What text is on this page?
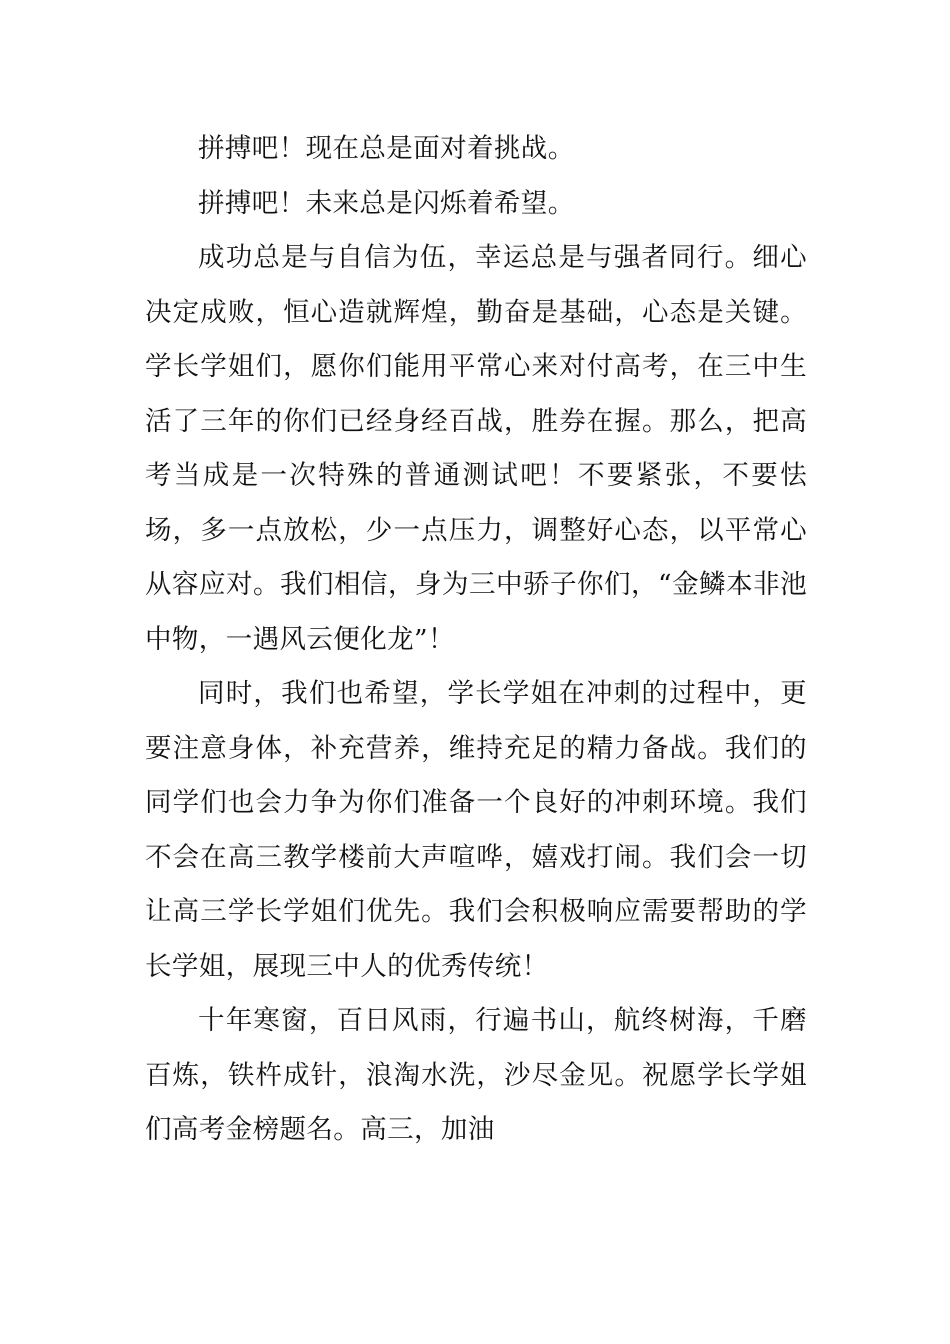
拼搏吧！现在总是面对着挑战。

拼搏吧！未来总是闪烁着希望。

成功总是与自信为伍，幸运总是与强者同行。细心决定成败，恒心造就辉煌，勤奋是基础，心态是关键。学长学姐们，愿你们能用平常心来对付高考，在三中生活了三年的你们已经身经百战，胜券在握。那么，把高考当成是一次特殊的普通测试吧！不要紧张，不要怯场，多一点放松，少一点压力，调整好心态，以平常心从容应对。我们相信，身为三中骄子你们，“金鳞本非池中物，一遇风云便化龙”！

同时，我们也希望，学长学姐在冲刺的过程中，更要注意身体，补充营养，维持充足的精力备战。我们的同学们也会力争为你们准备一个良好的冲刺环境。我们不会在高三教学楼前大声喧哗，嬉戏打闹。我们会一切让高三学长学姐们优先。我们会积极响应需要帮助的学长学姐，展现三中人的优秀传统！

十年寒窗，百日风雨，行遍书山，航终树海，千磨百炼，铁杵成针，浪淘水洗，沙尽金见。祝愿学长学姐们高考金榜题名。高三，加油
